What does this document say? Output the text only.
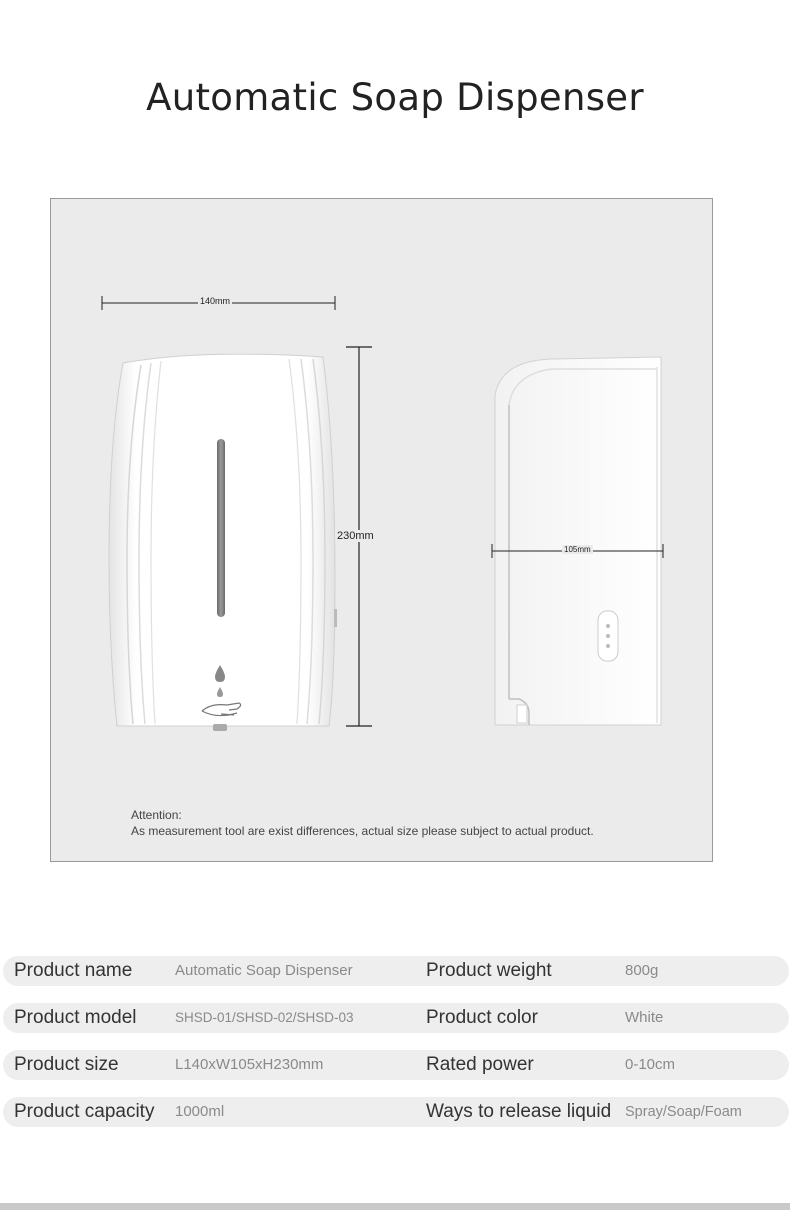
Automatic Soap Dispenser
140mm
230mm
105mm
Attention:
As measurement tool are exist differences, actual size please subject to actual product.
Product name	Automatic Soap Dispenser	Product weight	800g
Product model	SHSD-01/SHSD-02/SHSD-03	Product color	White
Product size	L140xW105xH230mm	Rated power	0-10cm
Product capacity 1000ml	Ways to release liquid Spray/Soap/Foam
